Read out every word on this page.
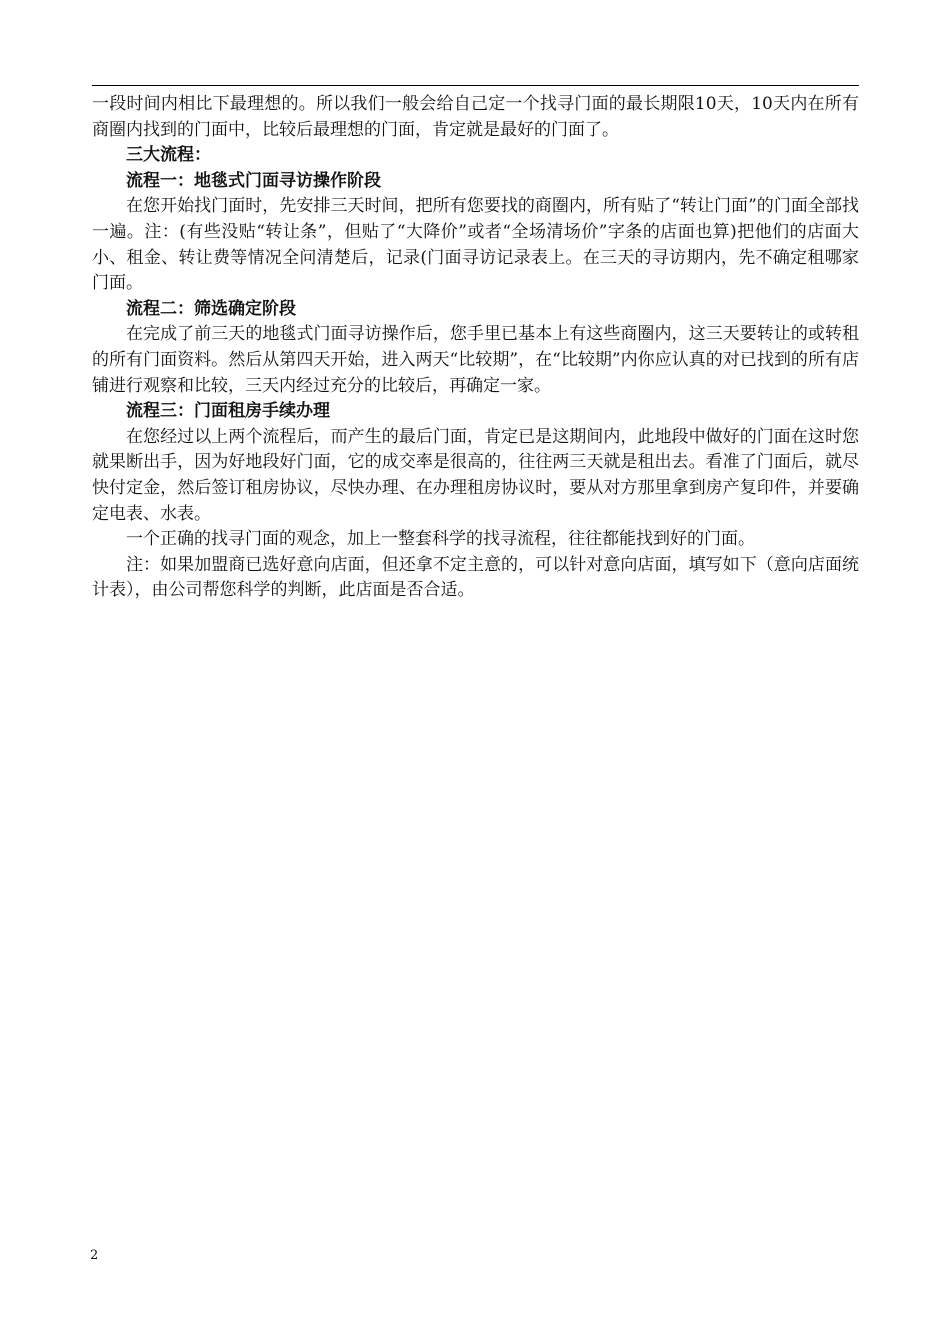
一段时间内相比下最理想的。所以我们一般会给自己定一个找寻门面的最长期限10天，10天内在所有商圈内找到的门面中，比较后最理想的门面，肯定就是最好的门面了。

三大流程：

流程一：地毯式门面寻访操作阶段

在您开始找门面时，先安排三天时间，把所有您要找的商圈内，所有贴了“转让门面”的门面全部找一遍。注：(有些没贴“转让条”，但贴了“大降价”或者“全场清场价”字条的店面也算)把他们的店面大小、租金、转让费等情况全问清楚后，记录(门面寻访记录表上。在三天的寻访期内，先不确定租哪家门面。

流程二：筛选确定阶段

在完成了前三天的地毯式门面寻访操作后，您手里已基本上有这些商圈内，这三天要转让的或转租的所有门面资料。然后从第四天开始，进入两天“比较期”，在“比较期”内你应认真的对已找到的所有店铺进行观察和比较，三天内经过充分的比较后，再确定一家。

流程三：门面租房手续办理

在您经过以上两个流程后，而产生的最后门面，肯定已是这期间内，此地段中做好的门面在这时您就果断出手，因为好地段好门面，它的成交率是很高的，往往两三天就是租出去。看准了门面后，就尽快付定金，然后签订租房协议，尽快办理、在办理租房协议时，要从对方那里拿到房产复印件，并要确定电表、水表。

一个正确的找寻门面的观念，加上一整套科学的找寻流程，往往都能找到好的门面。

注：如果加盟商已选好意向店面，但还拿不定主意的，可以针对意向店面，填写如下（意向店面统计表），由公司帮您科学的判断，此店面是否合适。

2
